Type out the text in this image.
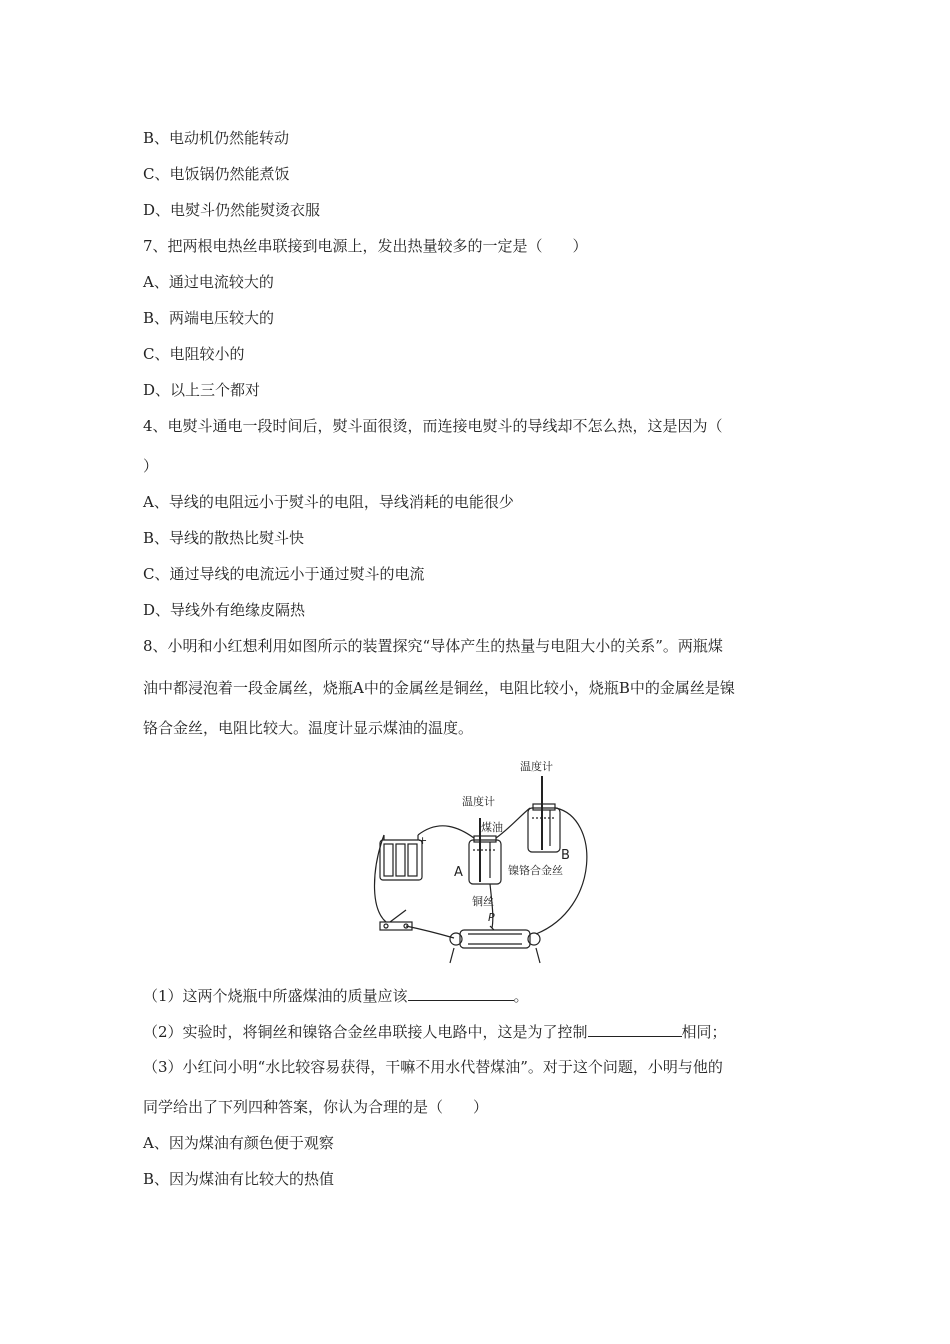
B、电动机仍然能转动
C、电饭锅仍然能煮饭
D、电熨斗仍然能熨烫衣服
7、把两根电热丝串联接到电源上，发出热量较多的一定是（　　）
A、通过电流较大的
B、两端电压较大的
C、电阻较小的
D、以上三个都对
4、电熨斗通电一段时间后，熨斗面很烫，而连接电熨斗的导线却不怎么热，这是因为（
）
A、导线的电阻远小于熨斗的电阻，导线消耗的电能很少
B、导线的散热比熨斗快
C、通过导线的电流远小于通过熨斗的电流
D、导线外有绝缘皮隔热
8、小明和小红想利用如图所示的装置探究“导体产生的热量与电阻大小的关系”。两瓶煤
油中都浸泡着一段金属丝，烧瓶A中的金属丝是铜丝，电阻比较小，烧瓶B中的金属丝是镍
铬合金丝，电阻比较大。温度计显示煤油的温度。
温度计
温度计
煤油
A
B
镍铬合金丝
铜丝
P
+
（1）这两个烧瓶中所盛煤油的质量应该	。
（2）实验时，将铜丝和镍铬合金丝串联接人电路中，这是为了控制	相同；
（3）小红问小明“水比较容易获得，干嘛不用水代替煤油”。对于这个问题，小明与他的
同学给出了下列四种答案，你认为合理的是（　　）
A、因为煤油有颜色便于观察
B、因为煤油有比较大的热值
